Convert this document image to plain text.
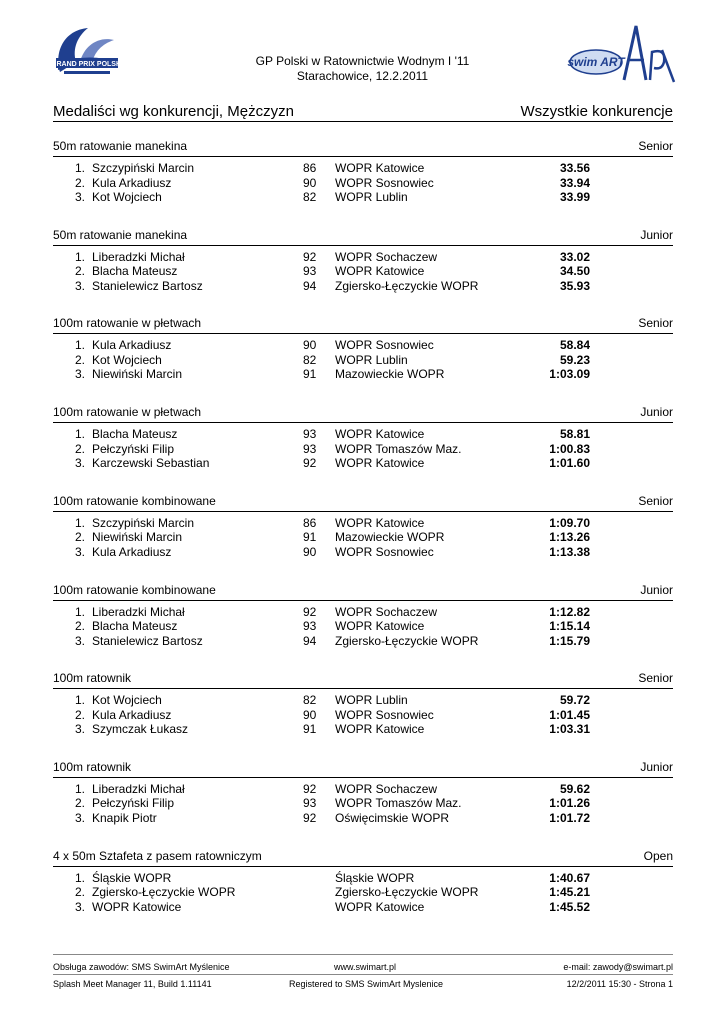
GRAND PRIX POLSKI	GP Polski w Ratownictwie Wodnym I '11
Starachowice, 12.2.2011
swim ART
Medaliści wg konkurencji, Mężczyzn	Wszystkie konkurencje
50m ratowanie manekina	Senior
1. Szczypiński Marcin	86 WOPR Katowice	33.56
2. Kula Arkadiusz	90 WOPR Sosnowiec	33.94
3. Kot Wojciech	82 WOPR Lublin	33.99
50m ratowanie manekina	Junior
1. Liberadzki Michał	92 WOPR Sochaczew	33.02
2. Blacha Mateusz	93 WOPR Katowice	34.50
3. Stanielewicz Bartosz	94 Zgiersko-Łęczyckie WOPR	35.93
100m ratowanie w płetwach	Senior
1. Kula Arkadiusz	90 WOPR Sosnowiec	58.84
2. Kot Wojciech	82 WOPR Lublin	59.23
3. Niewiński Marcin	91 Mazowieckie WOPR	1:03.09
100m ratowanie w płetwach	Junior
1. Blacha Mateusz	93 WOPR Katowice	58.81
2. Pełczyński Filip	93 WOPR Tomaszów Maz.	1:00.83
3. Karczewski Sebastian	92 WOPR Katowice	1:01.60
100m ratowanie kombinowane	Senior
1. Szczypiński Marcin	86 WOPR Katowice	1:09.70
2. Niewiński Marcin	91 Mazowieckie WOPR	1:13.26
3. Kula Arkadiusz	90 WOPR Sosnowiec	1:13.38
100m ratowanie kombinowane	Junior
1. Liberadzki Michał	92 WOPR Sochaczew	1:12.82
2. Blacha Mateusz	93 WOPR Katowice	1:15.14
3. Stanielewicz Bartosz	94 Zgiersko-Łęczyckie WOPR	1:15.79
100m ratownik	Senior
1. Kot Wojciech	82 WOPR Lublin	59.72
2. Kula Arkadiusz	90 WOPR Sosnowiec	1:01.45
3. Szymczak Łukasz	91 WOPR Katowice	1:03.31
100m ratownik	Junior
1. Liberadzki Michał	92 WOPR Sochaczew	59.62
2. Pełczyński Filip	93 WOPR Tomaszów Maz.	1:01.26
3. Knapik Piotr	92 Oświęcimskie WOPR	1:01.72
4 x 50m Sztafeta z pasem ratowniczym	Open
1. Śląskie WOPR	Śląskie WOPR	1:40.67
2. Zgiersko-Łęczyckie WOPR	Zgiersko-Łęczyckie WOPR	1:45.21
3. WOPR Katowice	WOPR Katowice	1:45.52
Obsługa zawodów: SMS SwimArt Myślenice	www.swimart.pl	e-mail: zawody@swimart.pl
Splash Meet Manager 11, Build 1.11141	Registered to SMS SwimArt Myslenice	12/2/2011 15:30 - Strona 1
